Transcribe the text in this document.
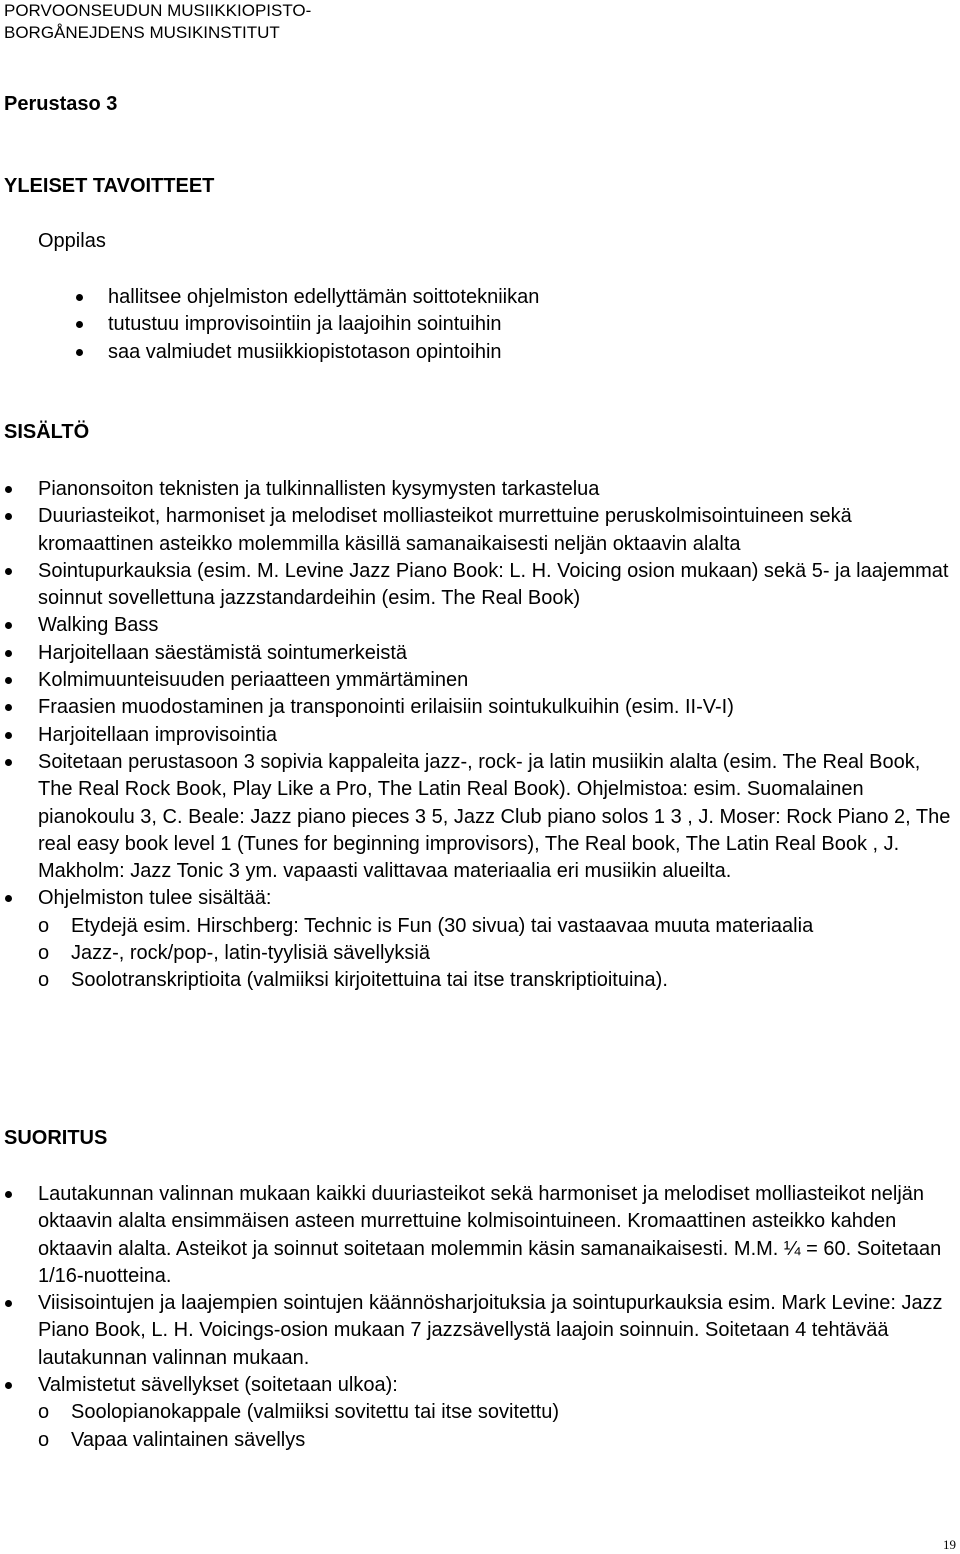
PORVOONSEUDUN MUSIIKKIOPISTO-
BORGÅNEJDENS MUSIKINSTITUT
Perustaso 3
YLEISET TAVOITTEET
Oppilas
hallitsee ohjelmiston edellyttämän soittotekniikan
tutustuu improvisointiin ja laajoihin sointuihin
saa valmiudet musiikkiopistotason opintoihin
SISÄLTÖ
Pianonsoiton teknisten ja tulkinnallisten kysymysten tarkastelua
Duuriasteikot, harmoniset ja melodiset molliasteikot murrettuine peruskolmisointuineen sekä kromaattinen asteikko molemmilla käsillä samanaikaisesti neljän oktaavin alalta
Sointupurkauksia (esim. M. Levine Jazz Piano Book: L. H. Voicing osion mukaan) sekä 5- ja laajemmat soinnut sovellettuna jazzstandardeihin (esim. The Real Book)
Walking Bass
Harjoitellaan säestämistä sointumerkeistä
Kolmimuunteisuuden periaatteen ymmärtäminen
Fraasien muodostaminen ja transponointi erilaisiin sointukulkuihin (esim. II-V-I)
Harjoitellaan improvisointia
Soitetaan perustasoon 3 sopivia kappaleita jazz-, rock- ja latin musiikin alalta (esim. The Real Book, The Real Rock Book, Play Like a Pro, The Latin Real Book). Ohjelmistoa: esim. Suomalainen pianokoulu 3, C. Beale: Jazz piano pieces 3 5, Jazz Club piano solos 1 3 , J. Moser: Rock Piano 2, The real easy book level 1 (Tunes for beginning improvisors), The Real book, The Latin Real Book , J. Makholm: Jazz Tonic 3 ym. vapaasti valittavaa materiaalia eri musiikin alueilta.
Ohjelmiston tulee sisältää:
o Etydejä esim. Hirschberg: Technic is Fun (30 sivua) tai vastaavaa muuta materiaalia
o Jazz-, rock/pop-, latin-tyylisiä sävellyksiä
o Soolotranskriptioita (valmiiksi kirjoitettuina tai itse transkriptioituina).
SUORITUS
Lautakunnan valinnan mukaan kaikki duuriasteikot sekä harmoniset ja melodiset molliasteikot neljän oktaavin alalta ensimmäisen asteen murrettuine kolmisointuineen. Kromaattinen asteikko kahden oktaavin alalta. Asteikot ja soinnut soitetaan molemmin käsin samanaikaisesti. M.M. ¼ = 60. Soitetaan 1/16-nuotteina.
Viisisointujen ja laajempien sointujen käännösharjoituksia ja sointupurkauksia esim. Mark Levine: Jazz Piano Book, L. H. Voicings-osion mukaan 7 jazzsävellystä laajoin soinnuin. Soitetaan 4 tehtävää lautakunnan valinnan mukaan.
Valmistetut sävellykset (soitetaan ulkoa):
o Soolopianokappale (valmiiksi sovitettu tai itse sovitettu)
o Vapaa valintainen sävellys
19
